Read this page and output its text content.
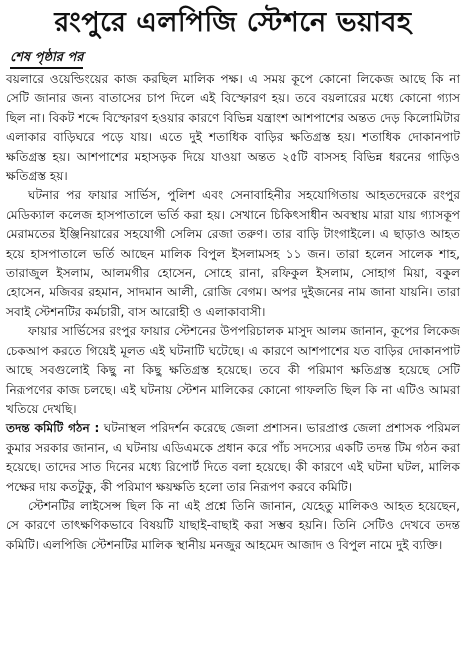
রংপুরে এলপিজি স্টেশনে ভয়াবহ
শেষ পৃষ্ঠার পর

বয়লারে ওয়েল্ডিংয়ের কাজ করছিল মালিক পক্ষ। এ সময় কূপে কোনো লিকেজ আছে কি না সেটি জানার জন্য বাতাসের চাপ দিলে এই বিস্ফোরণ হয়। তবে বয়লারের মধ্যে কোনো গ্যাস ছিল না। বিকট শব্দে বিস্ফোরণ হওয়ার কারণে বিভিন্ন যন্ত্রাংশ আশপাশের অন্তত দেড় কিলোমিটার এলাকার বাড়িঘরে পড়ে যায়। এতে দুই শতাধিক বাড়ির ক্ষতিগ্রস্ত হয়। শতাধিক দোকানপাট ক্ষতিগ্রস্ত হয়। আশপাশের মহাসড়ক দিয়ে যাওয়া অন্তত ২৫টি বাসসহ বিভিন্ন ধরনের গাড়িও ক্ষতিগ্রস্ত হয়।

ঘটনার পর ফায়ার সার্ভিস, পুলিশ এবং সেনাবাহিনীর সহযোগিতায় আহতদেরকে রংপুর মেডিক্যাল কলেজ হাসপাতালে ভর্তি করা হয়। সেখানে চিকিৎসাধীন অবস্থায় মারা যায় গ্যাসকূপ মেরামতের ইঞ্জিনিয়ারের সহযোগী সেলিম রেজা তরুণ। তার বাড়ি টাংগাইলে। এ ছাড়াও আহত হয়ে হাসপাতালে ভর্তি আছেন মালিক বিপুল ইসলামসহ ১১ জন। তারা হলেন সালেক শাহ, তারাজুল ইসলাম, আলমগীর হোসেন, সোহে রানা, রফিকুল ইসলাম, সোহাগ মিয়া, বকুল হোসেন, মজিবর রহমান, সাদমান আলী, রোজি বেগম। অপর দুইজনের নাম জানা যায়নি। তারা সবাই স্টেশনটির কর্মচারী, বাস আরোহী ও এলাকাবাসী।

ফায়ার সার্ভিসের রংপুর ফায়ার স্টেশনের উপপরিচালক মাসুদ আলম জানান, কূপের লিকেজ চেকআপ করতে গিয়েই মূলত এই ঘটনাটি ঘটেছে। এ কারণে আশপাশের যত বাড়ির দোকানপাট আছে সবগুলোই কিছু না কিছু ক্ষতিগ্রস্ত হয়েছে। তবে কী পরিমাণ ক্ষতিগ্রস্ত হয়েছে সেটি নিরূপণের কাজ চলছে। এই ঘটনায় স্টেশন মালিকের কোনো গাফলতি ছিল কি না এটিও আমরা খতিয়ে দেখছি।

তদন্ত কমিটি গঠন : ঘটনাস্থল পরিদর্শন করেছে জেলা প্রশাসন। ভারপ্রাপ্ত জেলা প্রশাসক পরিমল কুমার সরকার জানান, এ ঘটনায় এডিএমকে প্রধান করে পাঁচ সদস্যের একটি তদন্ত টিম গঠন করা হয়েছে। তাদের সাত দিনের মধ্যে রিপোর্ট দিতে বলা হয়েছে। কী কারণে এই ঘটনা ঘটল, মালিক পক্ষের দায় কতটুকু, কী পরিমাণ ক্ষয়ক্ষতি হলো তার নিরূপণ করবে কমিটি।

স্টেশনটির লাইসেন্স ছিল কি না এই প্রশ্নে তিনি জানান, যেহেতু মালিকও আহত হয়েছেন, সে কারণে তাৎক্ষণিকভাবে বিষয়টি যাছাই-বাছাই করা সম্ভব হয়নি। তিনি সেটিও দেখবে তদন্ত কমিটি। এলপিজি স্টেশনটির মালিক স্থানীয় মনজুর আহমেদ আজাদ ও বিপুল নামে দুই ব্যক্তি।
